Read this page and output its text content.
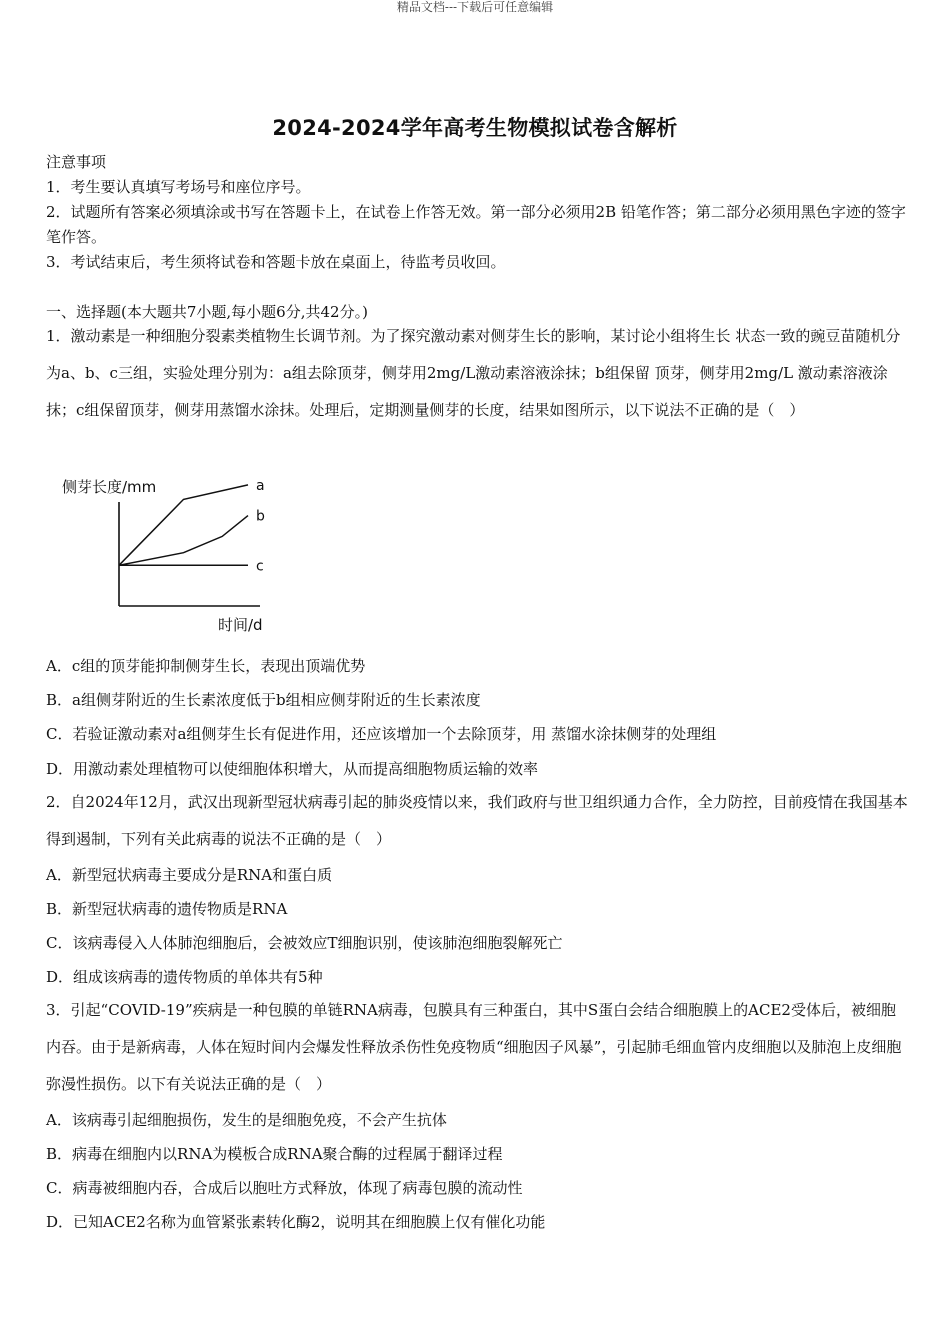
精品文档---下载后可任意编辑
2024-2024学年高考生物模拟试卷含解析
注意事项
1．考生要认真填写考场号和座位序号。
2．试题所有答案必须填涂或书写在答题卡上，在试卷上作答无效。第一部分必须用2B 铅笔作答；第二部分必须用黑色字迹的签字笔作答。
3．考试结束后，考生须将试卷和答题卡放在桌面上，待监考员收回。
一、选择题(本大题共7小题,每小题6分,共42分。)
1．激动素是一种细胞分裂素类植物生长调节剂。为了探究激动素对侧芽生长的影响，某讨论小组将生长 状态一致的豌豆苗随机分为a、b、c三组，实验处理分别为：a组去除顶芽，侧芽用2mg/L激动素溶液涂抹；b组保留 顶芽，侧芽用2mg/L 激动素溶液涂抹；c组保留顶芽，侧芽用蒸馏水涂抹。处理后，定期测量侧芽的长度，结果如图所示，以下说法不正确的是（　）
侧芽长度/mm	a
b
c
时间/d
A．c组的顶芽能抑制侧芽生长，表现出顶端优势
B．a组侧芽附近的生长素浓度低于b组相应侧芽附近的生长素浓度
C．若验证激动素对a组侧芽生长有促进作用，还应该增加一个去除顶芽，用 蒸馏水涂抹侧芽的处理组
D．用激动素处理植物可以使细胞体积增大，从而提高细胞物质运输的效率
2．自2024年12月，武汉出现新型冠状病毒引起的肺炎疫情以来，我们政府与世卫组织通力合作，全力防控，目前疫情在我国基本得到遏制，下列有关此病毒的说法不正确的是（　）
A．新型冠状病毒主要成分是RNA和蛋白质
B．新型冠状病毒的遗传物质是RNA
C．该病毒侵入人体肺泡细胞后，会被效应T细胞识别，使该肺泡细胞裂解死亡
D．组成该病毒的遗传物质的单体共有5种
3．引起“COVID-19”疾病是一种包膜的单链RNA病毒，包膜具有三种蛋白，其中S蛋白会结合细胞膜上的ACE2受体后，被细胞内吞。由于是新病毒，人体在短时间内会爆发性释放杀伤性免疫物质“细胞因子风暴”，引起肺毛细血管内皮细胞以及肺泡上皮细胞弥漫性损伤。以下有关说法正确的是（　）
A．该病毒引起细胞损伤，发生的是细胞免疫，不会产生抗体
B．病毒在细胞内以RNA为模板合成RNA聚合酶的过程属于翻译过程
C．病毒被细胞内吞，合成后以胞吐方式释放，体现了病毒包膜的流动性
D．已知ACE2名称为血管紧张素转化酶2，说明其在细胞膜上仅有催化功能
